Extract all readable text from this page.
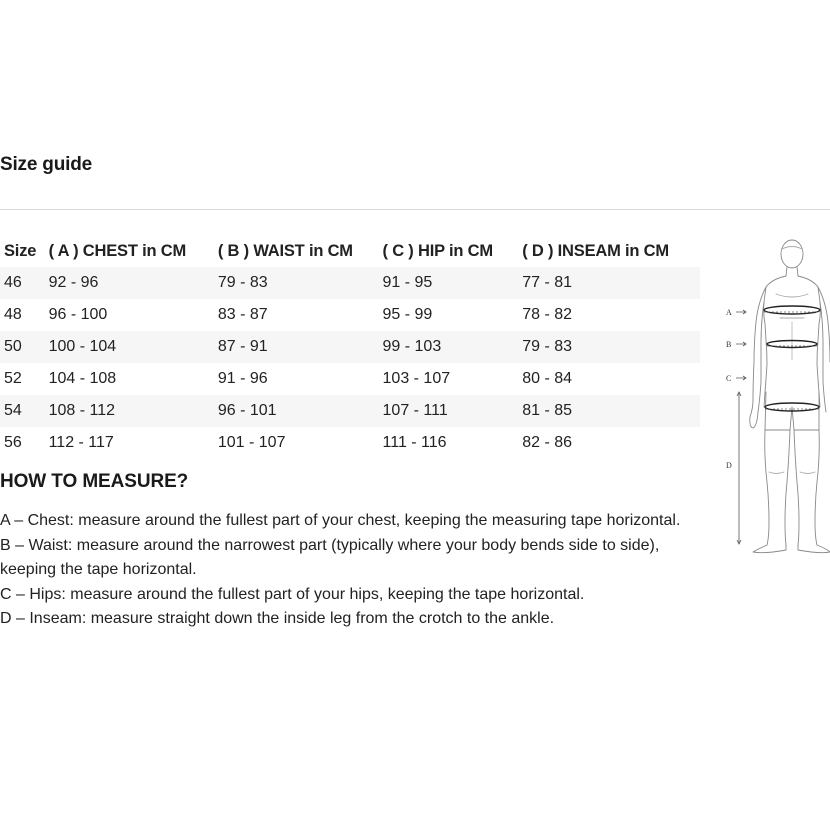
Size guide
Size	( A ) CHEST in CM	( B ) WAIST in CM	( C ) HIP in CM	( D ) INSEAM in CM
46	92 - 96	79 - 83	91 - 95	77 - 81
48	96 - 100	83 - 87	95 - 99	78 - 82
50	100 - 104	87 - 91	99 - 103	79 - 83
52	104 - 108	91 - 96	103 - 107	80 - 84
54	108 - 112	96 - 101	107 - 111	81 - 85
56	112 - 117	101 - 107	111 - 116	82 - 86
HOW TO MEASURE?
A – Chest: measure around the fullest part of your chest, keeping the measuring tape horizontal.
B – Waist: measure around the narrowest part (typically where your body bends side to side), keeping the tape horizontal.
C – Hips: measure around the fullest part of your hips, keeping the tape horizontal.
D – Inseam: measure straight down the inside leg from the crotch to the ankle.
A
B
C
D
